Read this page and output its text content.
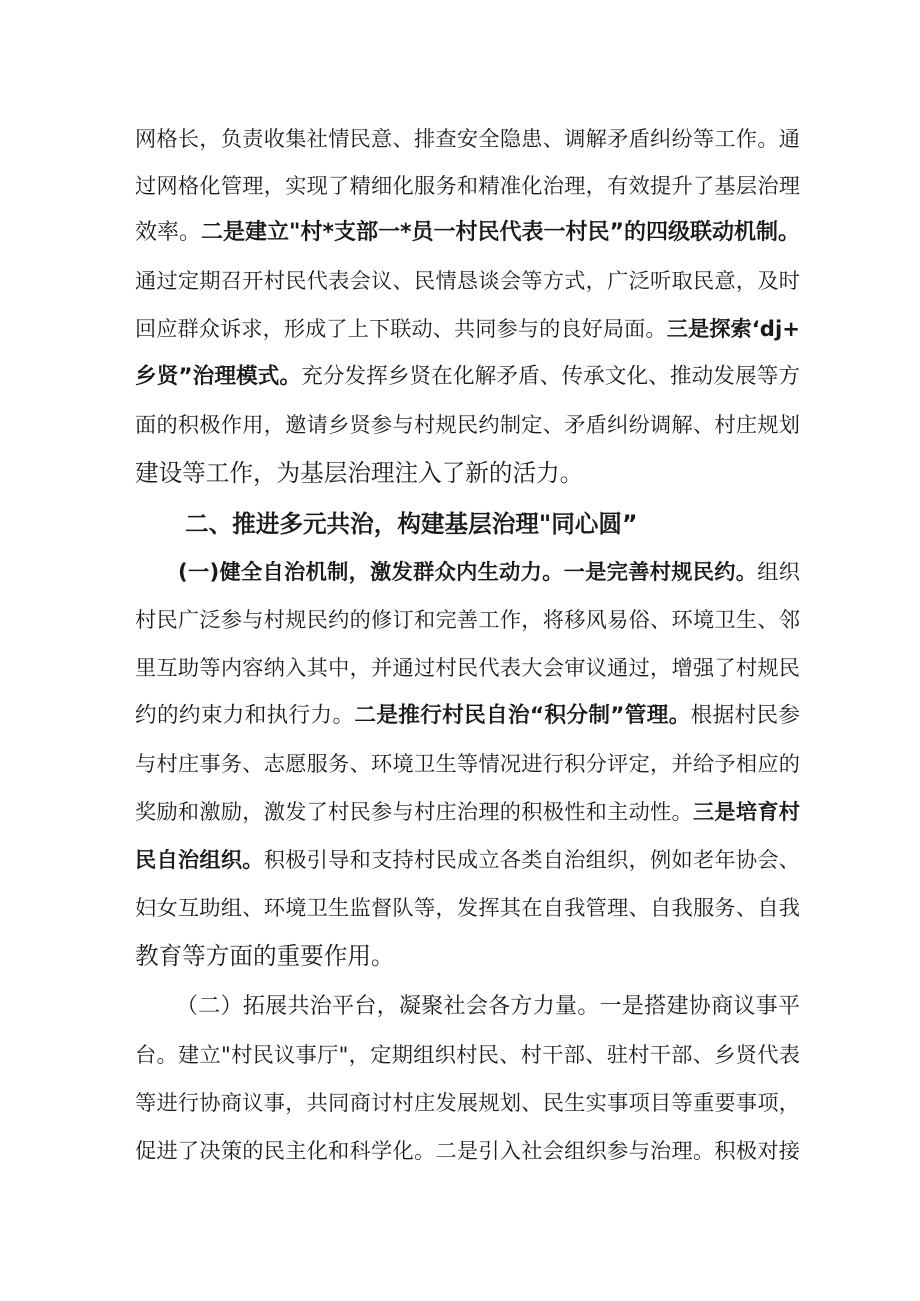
网格长，负责收集社情民意、排查安全隐患、调解矛盾纠纷等工作。通
过网格化管理，实现了精细化服务和精准化治理，有效提升了基层治理
效率。二是建立"村*支部一*员一村民代表一村民”的四级联动机制。
通过定期召开村民代表会议、民情恳谈会等方式，广泛听取民意，及时
回应群众诉求，形成了上下联动、共同参与的良好局面。三是探索‘dj+
乡贤”治理模式。充分发挥乡贤在化解矛盾、传承文化、推动发展等方
面的积极作用，邀请乡贤参与村规民约制定、矛盾纠纷调解、村庄规划
建设等工作，为基层治理注入了新的活力。
二、推进多元共治，构建基层治理"同心圆”
(一)健全自治机制，激发群众内生动力。一是完善村规民约。组织
村民广泛参与村规民约的修订和完善工作，将移风易俗、环境卫生、邻
里互助等内容纳入其中，并通过村民代表大会审议通过，增强了村规民
约的约束力和执行力。二是推行村民自治“积分制”管理。根据村民参
与村庄事务、志愿服务、环境卫生等情况进行积分评定，并给予相应的
奖励和激励，激发了村民参与村庄治理的积极性和主动性。三是培育村
民自治组织。积极引导和支持村民成立各类自治组织，例如老年协会、
妇女互助组、环境卫生监督队等，发挥其在自我管理、自我服务、自我
教育等方面的重要作用。
（二）拓展共治平台，凝聚社会各方力量。一是搭建协商议事平
台。建立"村民议事厅"，定期组织村民、村干部、驻村干部、乡贤代表
等进行协商议事，共同商讨村庄发展规划、民生实事项目等重要事项，
促进了决策的民主化和科学化。二是引入社会组织参与治理。积极对接
